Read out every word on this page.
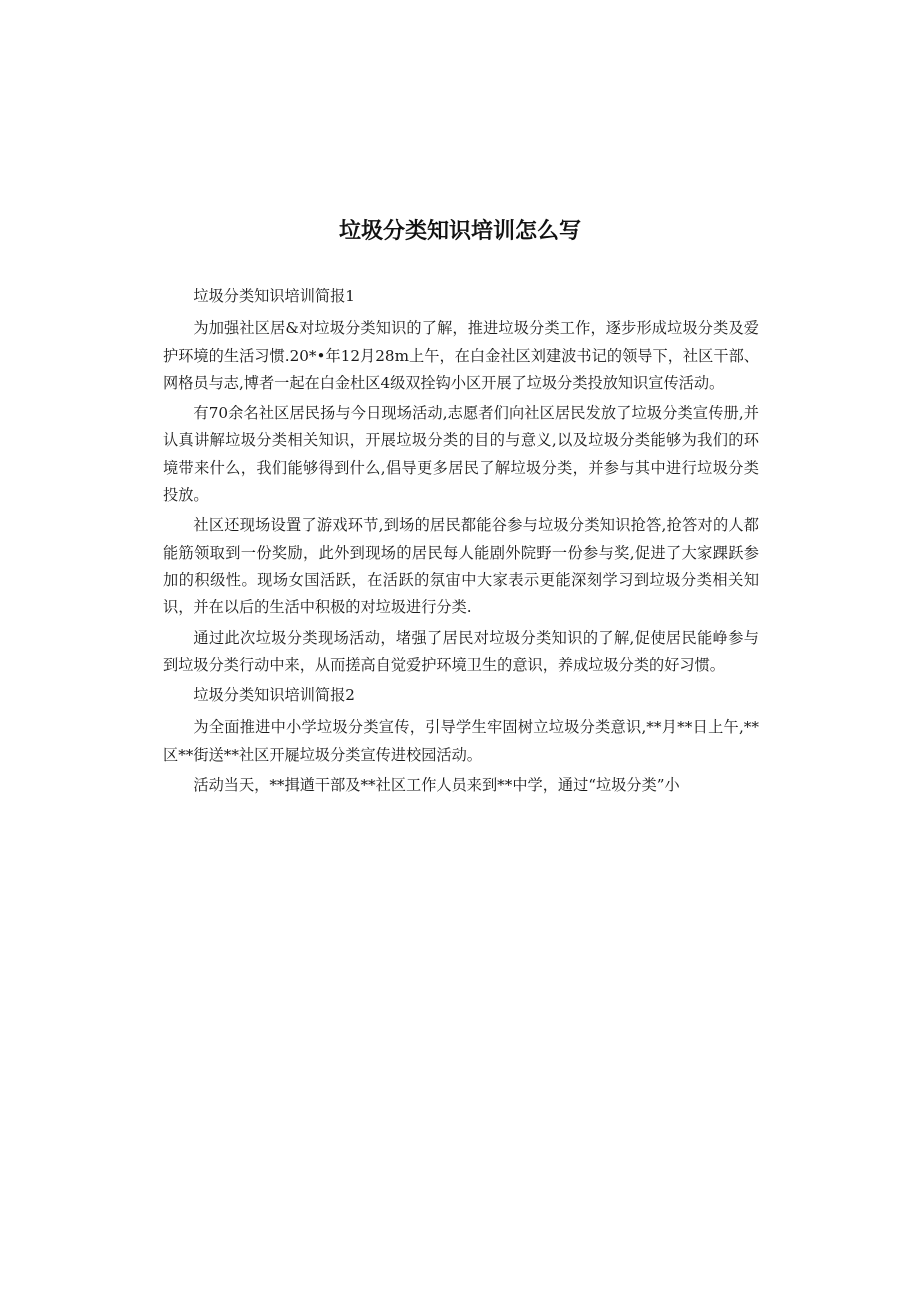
垃圾分类知识培训怎么写

垃圾分类知识培训简报1

为加强社区居&对垃圾分类知识的了解，推进垃圾分类工作，逐步形成垃圾分类及爱护环境的生活习惯.20*•年12月28m上午，在白金社区刘建波书记的领导下，社区干部、网格员与志,博者一起在白金杜区4级双拴钩小区开展了垃圾分类投放知识宣传活动。

有70余名社区居民扬与今日现场活动,志愿者们向社区居民发放了垃圾分类宣传册,并认真讲解垃圾分类相关知识，开展垃圾分类的目的与意义,以及垃圾分类能够为我们的环境带来什么，我们能够得到什么,倡导更多居民了解垃圾分类，并参与其中进行垃圾分类投放。

社区还现场设置了游戏环节,到场的居民都能谷参与垃圾分类知识抢答,抢答对的人都能筋领取到一份奖励，此外到现场的居民每人能剧外院野一份参与奖,促进了大家踝跃参加的积级性。现场女国活跃，在活跃的氛宙中大家表示更能深刻学习到垃圾分类相关知识，并在以后的生活中积极的对垃圾进行分类.

通过此次垃圾分类现场活动，堵强了居民对垃圾分类知识的了解,促使居民能峥参与到垃圾分类行动中来，从而搓高自觉爱护环境卫生的意识，养成垃圾分类的好习惯。

垃圾分类知识培训简报2

为全面推进中小学垃圾分类宣传，引导学生牢固树立垃圾分类意识,**月**日上午,**区**街送**社区开屣垃圾分类宣传进校园活动。

活动当天，**揖遒干部及**社区工作人员来到**中学，通过“垃圾分类”小
